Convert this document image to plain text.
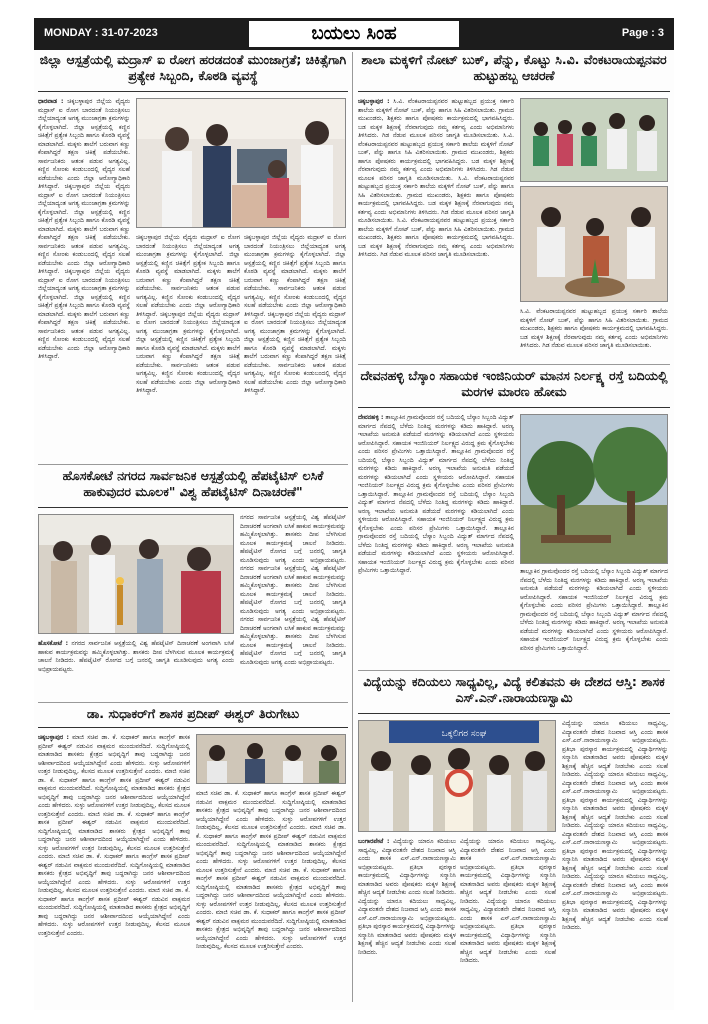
MONDAY : 31-07-2023	ಬಯಲು ಸಿಂಹ	Page : 3
ಜಿಲ್ಲಾ ಆಸ್ಪತ್ರೆಯಲ್ಲಿ ಮದ್ರಾಸ್ ಐ ರೋಗ ಹರಡದಂತೆ ಮುಂಜಾಗ್ರತೆ; ಚಿಕಿತ್ಸೆಗಾಗಿ ಪ್ರತ್ಯೇಕ ಸಿಬ್ಬಂದಿ, ಕೊಠಡಿ ವ್ಯವಸ್ಥೆ
ಧಾರವಾಡ : ಚಿಕ್ಕಬಳ್ಳಾಪುರ ಜಿಲ್ಲೆಯ ವೈದ್ಯರು ಮದ್ರಾಸ್ ಐ ರೋಗ ಬಾರದಂತೆ ನಿಯಂತ್ರಿಸಲು ಜಿಲ್ಲೆಯಾದ್ಯಂತ ಅಗತ್ಯ ಮುಂಜಾಗ್ರತಾ ಕ್ರಮಗಳನ್ನು ಕೈಗೊಳ್ಳಲಾಗಿದೆ. ಜಿಲ್ಲಾ ಆಸ್ಪತ್ರೆಯಲ್ಲಿ ಕಣ್ಣಿನ ಚಿಕಿತ್ಸೆಗೆ ಪ್ರತ್ಯೇಕ ಸಿಬ್ಬಂದಿ ಹಾಗೂ ಕೊಠಡಿ ವ್ಯವಸ್ಥೆ ಮಾಡಲಾಗಿದೆ. ಮಕ್ಕಳು ಶಾಲೆಗೆ ಬರುವಾಗ ಕಣ್ಣು ಕೆಂಪಾಗಿದ್ದರೆ ತಕ್ಷಣ ಚಿಕಿತ್ಸೆ ಪಡೆಯಬೇಕು. ಸಾರ್ವಜನಿಕರು ಆತಂಕ ಪಡುವ ಅಗತ್ಯವಿಲ್ಲ. ಕಣ್ಣಿನ ಸೋಂಕು ಕಂಡುಬಂದಲ್ಲಿ ವೈದ್ಯರ ಸಲಹೆ ಪಡೆಯಬೇಕು ಎಂದು ಜಿಲ್ಲಾ ಆರೋಗ್ಯಾಧಿಕಾರಿ ತಿಳಿಸಿದ್ದಾರೆ. ಚಿಕ್ಕಬಳ್ಳಾಪುರ ಜಿಲ್ಲೆಯ ವೈದ್ಯರು ಮದ್ರಾಸ್ ಐ ರೋಗ ಬಾರದಂತೆ ನಿಯಂತ್ರಿಸಲು ಜಿಲ್ಲೆಯಾದ್ಯಂತ ಅಗತ್ಯ ಮುಂಜಾಗ್ರತಾ ಕ್ರಮಗಳನ್ನು ಕೈಗೊಳ್ಳಲಾಗಿದೆ. ಜಿಲ್ಲಾ ಆಸ್ಪತ್ರೆಯಲ್ಲಿ ಕಣ್ಣಿನ ಚಿಕಿತ್ಸೆಗೆ ಪ್ರತ್ಯೇಕ ಸಿಬ್ಬಂದಿ ಹಾಗೂ ಕೊಠಡಿ ವ್ಯವಸ್ಥೆ ಮಾಡಲಾಗಿದೆ. ಮಕ್ಕಳು ಶಾಲೆಗೆ ಬರುವಾಗ ಕಣ್ಣು ಕೆಂಪಾಗಿದ್ದರೆ ತಕ್ಷಣ ಚಿಕಿತ್ಸೆ ಪಡೆಯಬೇಕು. ಸಾರ್ವಜನಿಕರು ಆತಂಕ ಪಡುವ ಅಗತ್ಯವಿಲ್ಲ. ಕಣ್ಣಿನ ಸೋಂಕು ಕಂಡುಬಂದಲ್ಲಿ ವೈದ್ಯರ ಸಲಹೆ ಪಡೆಯಬೇಕು ಎಂದು ಜಿಲ್ಲಾ ಆರೋಗ್ಯಾಧಿಕಾರಿ ತಿಳಿಸಿದ್ದಾರೆ. ಚಿಕ್ಕಬಳ್ಳಾಪುರ ಜಿಲ್ಲೆಯ ವೈದ್ಯರು ಮದ್ರಾಸ್ ಐ ರೋಗ ಬಾರದಂತೆ ನಿಯಂತ್ರಿಸಲು ಜಿಲ್ಲೆಯಾದ್ಯಂತ ಅಗತ್ಯ ಮುಂಜಾಗ್ರತಾ ಕ್ರಮಗಳನ್ನು ಕೈಗೊಳ್ಳಲಾಗಿದೆ. ಜಿಲ್ಲಾ ಆಸ್ಪತ್ರೆಯಲ್ಲಿ ಕಣ್ಣಿನ ಚಿಕಿತ್ಸೆಗೆ ಪ್ರತ್ಯೇಕ ಸಿಬ್ಬಂದಿ ಹಾಗೂ ಕೊಠಡಿ ವ್ಯವಸ್ಥೆ ಮಾಡಲಾಗಿದೆ. ಮಕ್ಕಳು ಶಾಲೆಗೆ ಬರುವಾಗ ಕಣ್ಣು ಕೆಂಪಾಗಿದ್ದರೆ ತಕ್ಷಣ ಚಿಕಿತ್ಸೆ ಪಡೆಯಬೇಕು. ಸಾರ್ವಜನಿಕರು ಆತಂಕ ಪಡುವ ಅಗತ್ಯವಿಲ್ಲ. ಕಣ್ಣಿನ ಸೋಂಕು ಕಂಡುಬಂದಲ್ಲಿ ವೈದ್ಯರ ಸಲಹೆ ಪಡೆಯಬೇಕು ಎಂದು ಜಿಲ್ಲಾ ಆರೋಗ್ಯಾಧಿಕಾರಿ ತಿಳಿಸಿದ್ದಾರೆ.
ಚಿಕ್ಕಬಳ್ಳಾಪುರ ಜಿಲ್ಲೆಯ ವೈದ್ಯರು ಮದ್ರಾಸ್ ಐ ರೋಗ ಬಾರದಂತೆ ನಿಯಂತ್ರಿಸಲು ಜಿಲ್ಲೆಯಾದ್ಯಂತ ಅಗತ್ಯ ಮುಂಜಾಗ್ರತಾ ಕ್ರಮಗಳನ್ನು ಕೈಗೊಳ್ಳಲಾಗಿದೆ. ಜಿಲ್ಲಾ ಆಸ್ಪತ್ರೆಯಲ್ಲಿ ಕಣ್ಣಿನ ಚಿಕಿತ್ಸೆಗೆ ಪ್ರತ್ಯೇಕ ಸಿಬ್ಬಂದಿ ಹಾಗೂ ಕೊಠಡಿ ವ್ಯವಸ್ಥೆ ಮಾಡಲಾಗಿದೆ. ಮಕ್ಕಳು ಶಾಲೆಗೆ ಬರುವಾಗ ಕಣ್ಣು ಕೆಂಪಾಗಿದ್ದರೆ ತಕ್ಷಣ ಚಿಕಿತ್ಸೆ ಪಡೆಯಬೇಕು. ಸಾರ್ವಜನಿಕರು ಆತಂಕ ಪಡುವ ಅಗತ್ಯವಿಲ್ಲ. ಕಣ್ಣಿನ ಸೋಂಕು ಕಂಡುಬಂದಲ್ಲಿ ವೈದ್ಯರ ಸಲಹೆ ಪಡೆಯಬೇಕು ಎಂದು ಜಿಲ್ಲಾ ಆರೋಗ್ಯಾಧಿಕಾರಿ ತಿಳಿಸಿದ್ದಾರೆ. ಚಿಕ್ಕಬಳ್ಳಾಪುರ ಜಿಲ್ಲೆಯ ವೈದ್ಯರು ಮದ್ರಾಸ್ ಐ ರೋಗ ಬಾರದಂತೆ ನಿಯಂತ್ರಿಸಲು ಜಿಲ್ಲೆಯಾದ್ಯಂತ ಅಗತ್ಯ ಮುಂಜಾಗ್ರತಾ ಕ್ರಮಗಳನ್ನು ಕೈಗೊಳ್ಳಲಾಗಿದೆ. ಜಿಲ್ಲಾ ಆಸ್ಪತ್ರೆಯಲ್ಲಿ ಕಣ್ಣಿನ ಚಿಕಿತ್ಸೆಗೆ ಪ್ರತ್ಯೇಕ ಸಿಬ್ಬಂದಿ ಹಾಗೂ ಕೊಠಡಿ ವ್ಯವಸ್ಥೆ ಮಾಡಲಾಗಿದೆ. ಮಕ್ಕಳು ಶಾಲೆಗೆ ಬರುವಾಗ ಕಣ್ಣು ಕೆಂಪಾಗಿದ್ದರೆ ತಕ್ಷಣ ಚಿಕಿತ್ಸೆ ಪಡೆಯಬೇಕು. ಸಾರ್ವಜನಿಕರು ಆತಂಕ ಪಡುವ ಅಗತ್ಯವಿಲ್ಲ. ಕಣ್ಣಿನ ಸೋಂಕು ಕಂಡುಬಂದಲ್ಲಿ ವೈದ್ಯರ ಸಲಹೆ ಪಡೆಯಬೇಕು ಎಂದು ಜಿಲ್ಲಾ ಆರೋಗ್ಯಾಧಿಕಾರಿ ತಿಳಿಸಿದ್ದಾರೆ.
ಚಿಕ್ಕಬಳ್ಳಾಪುರ ಜಿಲ್ಲೆಯ ವೈದ್ಯರು ಮದ್ರಾಸ್ ಐ ರೋಗ ಬಾರದಂತೆ ನಿಯಂತ್ರಿಸಲು ಜಿಲ್ಲೆಯಾದ್ಯಂತ ಅಗತ್ಯ ಮುಂಜಾಗ್ರತಾ ಕ್ರಮಗಳನ್ನು ಕೈಗೊಳ್ಳಲಾಗಿದೆ. ಜಿಲ್ಲಾ ಆಸ್ಪತ್ರೆಯಲ್ಲಿ ಕಣ್ಣಿನ ಚಿಕಿತ್ಸೆಗೆ ಪ್ರತ್ಯೇಕ ಸಿಬ್ಬಂದಿ ಹಾಗೂ ಕೊಠಡಿ ವ್ಯವಸ್ಥೆ ಮಾಡಲಾಗಿದೆ. ಮಕ್ಕಳು ಶಾಲೆಗೆ ಬರುವಾಗ ಕಣ್ಣು ಕೆಂಪಾಗಿದ್ದರೆ ತಕ್ಷಣ ಚಿಕಿತ್ಸೆ ಪಡೆಯಬೇಕು. ಸಾರ್ವಜನಿಕರು ಆತಂಕ ಪಡುವ ಅಗತ್ಯವಿಲ್ಲ. ಕಣ್ಣಿನ ಸೋಂಕು ಕಂಡುಬಂದಲ್ಲಿ ವೈದ್ಯರ ಸಲಹೆ ಪಡೆಯಬೇಕು ಎಂದು ಜಿಲ್ಲಾ ಆರೋಗ್ಯಾಧಿಕಾರಿ ತಿಳಿಸಿದ್ದಾರೆ. ಚಿಕ್ಕಬಳ್ಳಾಪುರ ಜಿಲ್ಲೆಯ ವೈದ್ಯರು ಮದ್ರಾಸ್ ಐ ರೋಗ ಬಾರದಂತೆ ನಿಯಂತ್ರಿಸಲು ಜಿಲ್ಲೆಯಾದ್ಯಂತ ಅಗತ್ಯ ಮುಂಜಾಗ್ರತಾ ಕ್ರಮಗಳನ್ನು ಕೈಗೊಳ್ಳಲಾಗಿದೆ. ಜಿಲ್ಲಾ ಆಸ್ಪತ್ರೆಯಲ್ಲಿ ಕಣ್ಣಿನ ಚಿಕಿತ್ಸೆಗೆ ಪ್ರತ್ಯೇಕ ಸಿಬ್ಬಂದಿ ಹಾಗೂ ಕೊಠಡಿ ವ್ಯವಸ್ಥೆ ಮಾಡಲಾಗಿದೆ. ಮಕ್ಕಳು ಶಾಲೆಗೆ ಬರುವಾಗ ಕಣ್ಣು ಕೆಂಪಾಗಿದ್ದರೆ ತಕ್ಷಣ ಚಿಕಿತ್ಸೆ ಪಡೆಯಬೇಕು. ಸಾರ್ವಜನಿಕರು ಆತಂಕ ಪಡುವ ಅಗತ್ಯವಿಲ್ಲ. ಕಣ್ಣಿನ ಸೋಂಕು ಕಂಡುಬಂದಲ್ಲಿ ವೈದ್ಯರ ಸಲಹೆ ಪಡೆಯಬೇಕು ಎಂದು ಜಿಲ್ಲಾ ಆರೋಗ್ಯಾಧಿಕಾರಿ ತಿಳಿಸಿದ್ದಾರೆ.
ಹೊಸಕೋಟೆ ನಗರದ ಸಾರ್ವಜನಿಕ ಆಸ್ಪತ್ರೆಯಲ್ಲಿ ಹೆಪಟೈಟಿಸ್ ಲಸಿಕೆ ಹಾಕುವುದರ ಮೂಲಕ" ವಿಶ್ವ ಹೆಪಟೈಟಿಸ್ ದಿನಾಚರಣೆ"
ನಗರದ ಸಾರ್ವಜನಿಕ ಆಸ್ಪತ್ರೆಯಲ್ಲಿ ವಿಶ್ವ ಹೆಪಟೈಟಿಸ್ ದಿನಾಚರಣೆ ಅಂಗವಾಗಿ ಲಸಿಕೆ ಹಾಕುವ ಕಾರ್ಯಕ್ರಮವನ್ನು ಹಮ್ಮಿಕೊಳ್ಳಲಾಗಿತ್ತು. ಶಾಸಕರು ದೀಪ ಬೆಳಗಿಸುವ ಮೂಲಕ ಕಾರ್ಯಕ್ರಮಕ್ಕೆ ಚಾಲನೆ ನೀಡಿದರು. ಹೆಪಟೈಟಿಸ್ ರೋಗದ ಬಗ್ಗೆ ಜನರಲ್ಲಿ ಜಾಗೃತಿ ಮೂಡಿಸುವುದು ಅಗತ್ಯ ಎಂದು ಅಭಿಪ್ರಾಯಪಟ್ಟರು. ನಗರದ ಸಾರ್ವಜನಿಕ ಆಸ್ಪತ್ರೆಯಲ್ಲಿ ವಿಶ್ವ ಹೆಪಟೈಟಿಸ್ ದಿನಾಚರಣೆ ಅಂಗವಾಗಿ ಲಸಿಕೆ ಹಾಕುವ ಕಾರ್ಯಕ್ರಮವನ್ನು ಹಮ್ಮಿಕೊಳ್ಳಲಾಗಿತ್ತು. ಶಾಸಕರು ದೀಪ ಬೆಳಗಿಸುವ ಮೂಲಕ ಕಾರ್ಯಕ್ರಮಕ್ಕೆ ಚಾಲನೆ ನೀಡಿದರು. ಹೆಪಟೈಟಿಸ್ ರೋಗದ ಬಗ್ಗೆ ಜನರಲ್ಲಿ ಜಾಗೃತಿ ಮೂಡಿಸುವುದು ಅಗತ್ಯ ಎಂದು ಅಭಿಪ್ರಾಯಪಟ್ಟರು. ನಗರದ ಸಾರ್ವಜನಿಕ ಆಸ್ಪತ್ರೆಯಲ್ಲಿ ವಿಶ್ವ ಹೆಪಟೈಟಿಸ್ ದಿನಾಚರಣೆ ಅಂಗವಾಗಿ ಲಸಿಕೆ ಹಾಕುವ ಕಾರ್ಯಕ್ರಮವನ್ನು ಹಮ್ಮಿಕೊಳ್ಳಲಾಗಿತ್ತು. ಶಾಸಕರು ದೀಪ ಬೆಳಗಿಸುವ ಮೂಲಕ ಕಾರ್ಯಕ್ರಮಕ್ಕೆ ಚಾಲನೆ ನೀಡಿದರು. ಹೆಪಟೈಟಿಸ್ ರೋಗದ ಬಗ್ಗೆ ಜನರಲ್ಲಿ ಜಾಗೃತಿ ಮೂಡಿಸುವುದು ಅಗತ್ಯ ಎಂದು ಅಭಿಪ್ರಾಯಪಟ್ಟರು.
ಹೊಸಕೋಟೆ : ನಗರದ ಸಾರ್ವಜನಿಕ ಆಸ್ಪತ್ರೆಯಲ್ಲಿ ವಿಶ್ವ ಹೆಪಟೈಟಿಸ್ ದಿನಾಚರಣೆ ಅಂಗವಾಗಿ ಲಸಿಕೆ ಹಾಕುವ ಕಾರ್ಯಕ್ರಮವನ್ನು ಹಮ್ಮಿಕೊಳ್ಳಲಾಗಿತ್ತು. ಶಾಸಕರು ದೀಪ ಬೆಳಗಿಸುವ ಮೂಲಕ ಕಾರ್ಯಕ್ರಮಕ್ಕೆ ಚಾಲನೆ ನೀಡಿದರು. ಹೆಪಟೈಟಿಸ್ ರೋಗದ ಬಗ್ಗೆ ಜನರಲ್ಲಿ ಜಾಗೃತಿ ಮೂಡಿಸುವುದು ಅಗತ್ಯ ಎಂದು ಅಭಿಪ್ರಾಯಪಟ್ಟರು.
ಡಾ. ಸುಧಾಕರ್‌ಗೆ ಶಾಸಕ ಪ್ರದೀಪ್ ಈಶ್ವರ್ ತಿರುಗೇಟು
ಚಿಕ್ಕಬಳ್ಳಾಪುರ : ಮಾಜಿ ಸಚಿವ ಡಾ. ಕೆ. ಸುಧಾಕರ್ ಹಾಗೂ ಕಾಂಗ್ರೆಸ್ ಶಾಸಕ ಪ್ರದೀಪ್ ಈಶ್ವರ್ ನಡುವಿನ ವಾಕ್ಸಮರ ಮುಂದುವರೆದಿದೆ. ಸುದ್ದಿಗೋಷ್ಠಿಯಲ್ಲಿ ಮಾತನಾಡಿದ ಶಾಸಕರು ಕ್ಷೇತ್ರದ ಅಭಿವೃದ್ಧಿಗೆ ತಾವು ಬದ್ಧರಾಗಿದ್ದು ಜನರ ಆಶೀರ್ವಾದದಿಂದ ಆಯ್ಕೆಯಾಗಿದ್ದೇನೆ ಎಂದು ಹೇಳಿದರು. ಸುಳ್ಳು ಆರೋಪಗಳಿಗೆ ಉತ್ತರ ನೀಡುವುದಿಲ್ಲ, ಕೆಲಸದ ಮೂಲಕ ಉತ್ತರಿಸುತ್ತೇನೆ ಎಂದರು. ಮಾಜಿ ಸಚಿವ ಡಾ. ಕೆ. ಸುಧಾಕರ್ ಹಾಗೂ ಕಾಂಗ್ರೆಸ್ ಶಾಸಕ ಪ್ರದೀಪ್ ಈಶ್ವರ್ ನಡುವಿನ ವಾಕ್ಸಮರ ಮುಂದುವರೆದಿದೆ. ಸುದ್ದಿಗೋಷ್ಠಿಯಲ್ಲಿ ಮಾತನಾಡಿದ ಶಾಸಕರು ಕ್ಷೇತ್ರದ ಅಭಿವೃದ್ಧಿಗೆ ತಾವು ಬದ್ಧರಾಗಿದ್ದು ಜನರ ಆಶೀರ್ವಾದದಿಂದ ಆಯ್ಕೆಯಾಗಿದ್ದೇನೆ ಎಂದು ಹೇಳಿದರು. ಸುಳ್ಳು ಆರೋಪಗಳಿಗೆ ಉತ್ತರ ನೀಡುವುದಿಲ್ಲ, ಕೆಲಸದ ಮೂಲಕ ಉತ್ತರಿಸುತ್ತೇನೆ ಎಂದರು. ಮಾಜಿ ಸಚಿವ ಡಾ. ಕೆ. ಸುಧಾಕರ್ ಹಾಗೂ ಕಾಂಗ್ರೆಸ್ ಶಾಸಕ ಪ್ರದೀಪ್ ಈಶ್ವರ್ ನಡುವಿನ ವಾಕ್ಸಮರ ಮುಂದುವರೆದಿದೆ. ಸುದ್ದಿಗೋಷ್ಠಿಯಲ್ಲಿ ಮಾತನಾಡಿದ ಶಾಸಕರು ಕ್ಷೇತ್ರದ ಅಭಿವೃದ್ಧಿಗೆ ತಾವು ಬದ್ಧರಾಗಿದ್ದು ಜನರ ಆಶೀರ್ವಾದದಿಂದ ಆಯ್ಕೆಯಾಗಿದ್ದೇನೆ ಎಂದು ಹೇಳಿದರು. ಸುಳ್ಳು ಆರೋಪಗಳಿಗೆ ಉತ್ತರ ನೀಡುವುದಿಲ್ಲ, ಕೆಲಸದ ಮೂಲಕ ಉತ್ತರಿಸುತ್ತೇನೆ ಎಂದರು. ಮಾಜಿ ಸಚಿವ ಡಾ. ಕೆ. ಸುಧಾಕರ್ ಹಾಗೂ ಕಾಂಗ್ರೆಸ್ ಶಾಸಕ ಪ್ರದೀಪ್ ಈಶ್ವರ್ ನಡುವಿನ ವಾಕ್ಸಮರ ಮುಂದುವರೆದಿದೆ. ಸುದ್ದಿಗೋಷ್ಠಿಯಲ್ಲಿ ಮಾತನಾಡಿದ ಶಾಸಕರು ಕ್ಷೇತ್ರದ ಅಭಿವೃದ್ಧಿಗೆ ತಾವು ಬದ್ಧರಾಗಿದ್ದು ಜನರ ಆಶೀರ್ವಾದದಿಂದ ಆಯ್ಕೆಯಾಗಿದ್ದೇನೆ ಎಂದು ಹೇಳಿದರು. ಸುಳ್ಳು ಆರೋಪಗಳಿಗೆ ಉತ್ತರ ನೀಡುವುದಿಲ್ಲ, ಕೆಲಸದ ಮೂಲಕ ಉತ್ತರಿಸುತ್ತೇನೆ ಎಂದರು. ಮಾಜಿ ಸಚಿವ ಡಾ. ಕೆ. ಸುಧಾಕರ್ ಹಾಗೂ ಕಾಂಗ್ರೆಸ್ ಶಾಸಕ ಪ್ರದೀಪ್ ಈಶ್ವರ್ ನಡುವಿನ ವಾಕ್ಸಮರ ಮುಂದುವರೆದಿದೆ. ಸುದ್ದಿಗೋಷ್ಠಿಯಲ್ಲಿ ಮಾತನಾಡಿದ ಶಾಸಕರು ಕ್ಷೇತ್ರದ ಅಭಿವೃದ್ಧಿಗೆ ತಾವು ಬದ್ಧರಾಗಿದ್ದು ಜನರ ಆಶೀರ್ವಾದದಿಂದ ಆಯ್ಕೆಯಾಗಿದ್ದೇನೆ ಎಂದು ಹೇಳಿದರು. ಸುಳ್ಳು ಆರೋಪಗಳಿಗೆ ಉತ್ತರ ನೀಡುವುದಿಲ್ಲ, ಕೆಲಸದ ಮೂಲಕ ಉತ್ತರಿಸುತ್ತೇನೆ ಎಂದರು.
ಮಾಜಿ ಸಚಿವ ಡಾ. ಕೆ. ಸುಧಾಕರ್ ಹಾಗೂ ಕಾಂಗ್ರೆಸ್ ಶಾಸಕ ಪ್ರದೀಪ್ ಈಶ್ವರ್ ನಡುವಿನ ವಾಕ್ಸಮರ ಮುಂದುವರೆದಿದೆ. ಸುದ್ದಿಗೋಷ್ಠಿಯಲ್ಲಿ ಮಾತನಾಡಿದ ಶಾಸಕರು ಕ್ಷೇತ್ರದ ಅಭಿವೃದ್ಧಿಗೆ ತಾವು ಬದ್ಧರಾಗಿದ್ದು ಜನರ ಆಶೀರ್ವಾದದಿಂದ ಆಯ್ಕೆಯಾಗಿದ್ದೇನೆ ಎಂದು ಹೇಳಿದರು. ಸುಳ್ಳು ಆರೋಪಗಳಿಗೆ ಉತ್ತರ ನೀಡುವುದಿಲ್ಲ, ಕೆಲಸದ ಮೂಲಕ ಉತ್ತರಿಸುತ್ತೇನೆ ಎಂದರು. ಮಾಜಿ ಸಚಿವ ಡಾ. ಕೆ. ಸುಧಾಕರ್ ಹಾಗೂ ಕಾಂಗ್ರೆಸ್ ಶಾಸಕ ಪ್ರದೀಪ್ ಈಶ್ವರ್ ನಡುವಿನ ವಾಕ್ಸಮರ ಮುಂದುವರೆದಿದೆ. ಸುದ್ದಿಗೋಷ್ಠಿಯಲ್ಲಿ ಮಾತನಾಡಿದ ಶಾಸಕರು ಕ್ಷೇತ್ರದ ಅಭಿವೃದ್ಧಿಗೆ ತಾವು ಬದ್ಧರಾಗಿದ್ದು ಜನರ ಆಶೀರ್ವಾದದಿಂದ ಆಯ್ಕೆಯಾಗಿದ್ದೇನೆ ಎಂದು ಹೇಳಿದರು. ಸುಳ್ಳು ಆರೋಪಗಳಿಗೆ ಉತ್ತರ ನೀಡುವುದಿಲ್ಲ, ಕೆಲಸದ ಮೂಲಕ ಉತ್ತರಿಸುತ್ತೇನೆ ಎಂದರು. ಮಾಜಿ ಸಚಿವ ಡಾ. ಕೆ. ಸುಧಾಕರ್ ಹಾಗೂ ಕಾಂಗ್ರೆಸ್ ಶಾಸಕ ಪ್ರದೀಪ್ ಈಶ್ವರ್ ನಡುವಿನ ವಾಕ್ಸಮರ ಮುಂದುವರೆದಿದೆ. ಸುದ್ದಿಗೋಷ್ಠಿಯಲ್ಲಿ ಮಾತನಾಡಿದ ಶಾಸಕರು ಕ್ಷೇತ್ರದ ಅಭಿವೃದ್ಧಿಗೆ ತಾವು ಬದ್ಧರಾಗಿದ್ದು ಜನರ ಆಶೀರ್ವಾದದಿಂದ ಆಯ್ಕೆಯಾಗಿದ್ದೇನೆ ಎಂದು ಹೇಳಿದರು. ಸುಳ್ಳು ಆರೋಪಗಳಿಗೆ ಉತ್ತರ ನೀಡುವುದಿಲ್ಲ, ಕೆಲಸದ ಮೂಲಕ ಉತ್ತರಿಸುತ್ತೇನೆ ಎಂದರು. ಮಾಜಿ ಸಚಿವ ಡಾ. ಕೆ. ಸುಧಾಕರ್ ಹಾಗೂ ಕಾಂಗ್ರೆಸ್ ಶಾಸಕ ಪ್ರದೀಪ್ ಈಶ್ವರ್ ನಡುವಿನ ವಾಕ್ಸಮರ ಮುಂದುವರೆದಿದೆ. ಸುದ್ದಿಗೋಷ್ಠಿಯಲ್ಲಿ ಮಾತನಾಡಿದ ಶಾಸಕರು ಕ್ಷೇತ್ರದ ಅಭಿವೃದ್ಧಿಗೆ ತಾವು ಬದ್ಧರಾಗಿದ್ದು ಜನರ ಆಶೀರ್ವಾದದಿಂದ ಆಯ್ಕೆಯಾಗಿದ್ದೇನೆ ಎಂದು ಹೇಳಿದರು. ಸುಳ್ಳು ಆರೋಪಗಳಿಗೆ ಉತ್ತರ ನೀಡುವುದಿಲ್ಲ, ಕೆಲಸದ ಮೂಲಕ ಉತ್ತರಿಸುತ್ತೇನೆ ಎಂದರು.
ಶಾಲಾ ಮಕ್ಕಳಿಗೆ ನೋಟ್ ಬುಕ್, ಪೆನ್ನು, ಕೊಟ್ಟು ಸಿ.ವಿ. ವೆಂಕಟರಾಯಪ್ಪನವರ ಹುಟ್ಟುಹಬ್ಬ ಆಚರಣೆ
ಚಿಕ್ಕಬಳ್ಳಾಪುರ : ಸಿ.ವಿ. ವೆಂಕಟರಾಯಪ್ಪನವರ ಹುಟ್ಟುಹಬ್ಬದ ಪ್ರಯುಕ್ತ ಸರ್ಕಾರಿ ಶಾಲೆಯ ಮಕ್ಕಳಿಗೆ ನೋಟ್ ಬುಕ್, ಪೆನ್ನು ಹಾಗೂ ಸಿಹಿ ವಿತರಿಸಲಾಯಿತು. ಗ್ರಾಮದ ಮುಖಂಡರು, ಶಿಕ್ಷಕರು ಹಾಗೂ ಪೋಷಕರು ಕಾರ್ಯಕ್ರಮದಲ್ಲಿ ಭಾಗವಹಿಸಿದ್ದರು. ಬಡ ಮಕ್ಕಳ ಶಿಕ್ಷಣಕ್ಕೆ ನೆರವಾಗುವುದು ನಮ್ಮ ಕರ್ತವ್ಯ ಎಂದು ಅಭಿಮಾನಿಗಳು ತಿಳಿಸಿದರು. ಗಿಡ ನೆಡುವ ಮೂಲಕ ಪರಿಸರ ಜಾಗೃತಿ ಮೂಡಿಸಲಾಯಿತು. ಸಿ.ವಿ. ವೆಂಕಟರಾಯಪ್ಪನವರ ಹುಟ್ಟುಹಬ್ಬದ ಪ್ರಯುಕ್ತ ಸರ್ಕಾರಿ ಶಾಲೆಯ ಮಕ್ಕಳಿಗೆ ನೋಟ್ ಬುಕ್, ಪೆನ್ನು ಹಾಗೂ ಸಿಹಿ ವಿತರಿಸಲಾಯಿತು. ಗ್ರಾಮದ ಮುಖಂಡರು, ಶಿಕ್ಷಕರು ಹಾಗೂ ಪೋಷಕರು ಕಾರ್ಯಕ್ರಮದಲ್ಲಿ ಭಾಗವಹಿಸಿದ್ದರು. ಬಡ ಮಕ್ಕಳ ಶಿಕ್ಷಣಕ್ಕೆ ನೆರವಾಗುವುದು ನಮ್ಮ ಕರ್ತವ್ಯ ಎಂದು ಅಭಿಮಾನಿಗಳು ತಿಳಿಸಿದರು. ಗಿಡ ನೆಡುವ ಮೂಲಕ ಪರಿಸರ ಜಾಗೃತಿ ಮೂಡಿಸಲಾಯಿತು. ಸಿ.ವಿ. ವೆಂಕಟರಾಯಪ್ಪನವರ ಹುಟ್ಟುಹಬ್ಬದ ಪ್ರಯುಕ್ತ ಸರ್ಕಾರಿ ಶಾಲೆಯ ಮಕ್ಕಳಿಗೆ ನೋಟ್ ಬುಕ್, ಪೆನ್ನು ಹಾಗೂ ಸಿಹಿ ವಿತರಿಸಲಾಯಿತು. ಗ್ರಾಮದ ಮುಖಂಡರು, ಶಿಕ್ಷಕರು ಹಾಗೂ ಪೋಷಕರು ಕಾರ್ಯಕ್ರಮದಲ್ಲಿ ಭಾಗವಹಿಸಿದ್ದರು. ಬಡ ಮಕ್ಕಳ ಶಿಕ್ಷಣಕ್ಕೆ ನೆರವಾಗುವುದು ನಮ್ಮ ಕರ್ತವ್ಯ ಎಂದು ಅಭಿಮಾನಿಗಳು ತಿಳಿಸಿದರು. ಗಿಡ ನೆಡುವ ಮೂಲಕ ಪರಿಸರ ಜಾಗೃತಿ ಮೂಡಿಸಲಾಯಿತು. ಸಿ.ವಿ. ವೆಂಕಟರಾಯಪ್ಪನವರ ಹುಟ್ಟುಹಬ್ಬದ ಪ್ರಯುಕ್ತ ಸರ್ಕಾರಿ ಶಾಲೆಯ ಮಕ್ಕಳಿಗೆ ನೋಟ್ ಬುಕ್, ಪೆನ್ನು ಹಾಗೂ ಸಿಹಿ ವಿತರಿಸಲಾಯಿತು. ಗ್ರಾಮದ ಮುಖಂಡರು, ಶಿಕ್ಷಕರು ಹಾಗೂ ಪೋಷಕರು ಕಾರ್ಯಕ್ರಮದಲ್ಲಿ ಭಾಗವಹಿಸಿದ್ದರು. ಬಡ ಮಕ್ಕಳ ಶಿಕ್ಷಣಕ್ಕೆ ನೆರವಾಗುವುದು ನಮ್ಮ ಕರ್ತವ್ಯ ಎಂದು ಅಭಿಮಾನಿಗಳು ತಿಳಿಸಿದರು. ಗಿಡ ನೆಡುವ ಮೂಲಕ ಪರಿಸರ ಜಾಗೃತಿ ಮೂಡಿಸಲಾಯಿತು.
ಸಿ.ವಿ. ವೆಂಕಟರಾಯಪ್ಪನವರ ಹುಟ್ಟುಹಬ್ಬದ ಪ್ರಯುಕ್ತ ಸರ್ಕಾರಿ ಶಾಲೆಯ ಮಕ್ಕಳಿಗೆ ನೋಟ್ ಬುಕ್, ಪೆನ್ನು ಹಾಗೂ ಸಿಹಿ ವಿತರಿಸಲಾಯಿತು. ಗ್ರಾಮದ ಮುಖಂಡರು, ಶಿಕ್ಷಕರು ಹಾಗೂ ಪೋಷಕರು ಕಾರ್ಯಕ್ರಮದಲ್ಲಿ ಭಾಗವಹಿಸಿದ್ದರು. ಬಡ ಮಕ್ಕಳ ಶಿಕ್ಷಣಕ್ಕೆ ನೆರವಾಗುವುದು ನಮ್ಮ ಕರ್ತವ್ಯ ಎಂದು ಅಭಿಮಾನಿಗಳು ತಿಳಿಸಿದರು. ಗಿಡ ನೆಡುವ ಮೂಲಕ ಪರಿಸರ ಜಾಗೃತಿ ಮೂಡಿಸಲಾಯಿತು.
ದೇವನಹಳ್ಳಿ ಬೆಸ್ಕಾಂ ಸಹಾಯಕ ಇಂಜಿನಿಯರ್ ಮಾನಸ ನಿರ್ಲಕ್ಷ್ಯ ರಸ್ತೆ ಬದಿಯಲ್ಲಿ ಮರಗಳ ಮಾರಣ ಹೋಮ
ದೇವನಹಳ್ಳಿ : ತಾಲ್ಲೂಕಿನ ಗ್ರಾಮವೊಂದರ ರಸ್ತೆ ಬದಿಯಲ್ಲಿ ಬೆಸ್ಕಾಂ ಸಿಬ್ಬಂದಿ ವಿದ್ಯುತ್ ಮಾರ್ಗದ ನೆಪದಲ್ಲಿ ಬೆಳೆದು ನಿಂತಿದ್ದ ಮರಗಳನ್ನು ಕಡಿದು ಹಾಕಿದ್ದಾರೆ. ಅರಣ್ಯ ಇಲಾಖೆಯ ಅನುಮತಿ ಪಡೆಯದೆ ಮರಗಳನ್ನು ಕಡಿಯಲಾಗಿದೆ ಎಂದು ಸ್ಥಳೀಯರು ಆರೋಪಿಸಿದ್ದಾರೆ. ಸಹಾಯಕ ಇಂಜಿನಿಯರ್ ನಿರ್ಲಕ್ಷ್ಯದ ವಿರುದ್ಧ ಕ್ರಮ ಕೈಗೊಳ್ಳಬೇಕು ಎಂದು ಪರಿಸರ ಪ್ರೇಮಿಗಳು ಒತ್ತಾಯಿಸಿದ್ದಾರೆ. ತಾಲ್ಲೂಕಿನ ಗ್ರಾಮವೊಂದರ ರಸ್ತೆ ಬದಿಯಲ್ಲಿ ಬೆಸ್ಕಾಂ ಸಿಬ್ಬಂದಿ ವಿದ್ಯುತ್ ಮಾರ್ಗದ ನೆಪದಲ್ಲಿ ಬೆಳೆದು ನಿಂತಿದ್ದ ಮರಗಳನ್ನು ಕಡಿದು ಹಾಕಿದ್ದಾರೆ. ಅರಣ್ಯ ಇಲಾಖೆಯ ಅನುಮತಿ ಪಡೆಯದೆ ಮರಗಳನ್ನು ಕಡಿಯಲಾಗಿದೆ ಎಂದು ಸ್ಥಳೀಯರು ಆರೋಪಿಸಿದ್ದಾರೆ. ಸಹಾಯಕ ಇಂಜಿನಿಯರ್ ನಿರ್ಲಕ್ಷ್ಯದ ವಿರುದ್ಧ ಕ್ರಮ ಕೈಗೊಳ್ಳಬೇಕು ಎಂದು ಪರಿಸರ ಪ್ರೇಮಿಗಳು ಒತ್ತಾಯಿಸಿದ್ದಾರೆ. ತಾಲ್ಲೂಕಿನ ಗ್ರಾಮವೊಂದರ ರಸ್ತೆ ಬದಿಯಲ್ಲಿ ಬೆಸ್ಕಾಂ ಸಿಬ್ಬಂದಿ ವಿದ್ಯುತ್ ಮಾರ್ಗದ ನೆಪದಲ್ಲಿ ಬೆಳೆದು ನಿಂತಿದ್ದ ಮರಗಳನ್ನು ಕಡಿದು ಹಾಕಿದ್ದಾರೆ. ಅರಣ್ಯ ಇಲಾಖೆಯ ಅನುಮತಿ ಪಡೆಯದೆ ಮರಗಳನ್ನು ಕಡಿಯಲಾಗಿದೆ ಎಂದು ಸ್ಥಳೀಯರು ಆರೋಪಿಸಿದ್ದಾರೆ. ಸಹಾಯಕ ಇಂಜಿನಿಯರ್ ನಿರ್ಲಕ್ಷ್ಯದ ವಿರುದ್ಧ ಕ್ರಮ ಕೈಗೊಳ್ಳಬೇಕು ಎಂದು ಪರಿಸರ ಪ್ರೇಮಿಗಳು ಒತ್ತಾಯಿಸಿದ್ದಾರೆ. ತಾಲ್ಲೂಕಿನ ಗ್ರಾಮವೊಂದರ ರಸ್ತೆ ಬದಿಯಲ್ಲಿ ಬೆಸ್ಕಾಂ ಸಿಬ್ಬಂದಿ ವಿದ್ಯುತ್ ಮಾರ್ಗದ ನೆಪದಲ್ಲಿ ಬೆಳೆದು ನಿಂತಿದ್ದ ಮರಗಳನ್ನು ಕಡಿದು ಹಾಕಿದ್ದಾರೆ. ಅರಣ್ಯ ಇಲಾಖೆಯ ಅನುಮತಿ ಪಡೆಯದೆ ಮರಗಳನ್ನು ಕಡಿಯಲಾಗಿದೆ ಎಂದು ಸ್ಥಳೀಯರು ಆರೋಪಿಸಿದ್ದಾರೆ. ಸಹಾಯಕ ಇಂಜಿನಿಯರ್ ನಿರ್ಲಕ್ಷ್ಯದ ವಿರುದ್ಧ ಕ್ರಮ ಕೈಗೊಳ್ಳಬೇಕು ಎಂದು ಪರಿಸರ ಪ್ರೇಮಿಗಳು ಒತ್ತಾಯಿಸಿದ್ದಾರೆ.	ತಾಲ್ಲೂಕಿನ ಗ್ರಾಮವೊಂದರ ರಸ್ತೆ ಬದಿಯಲ್ಲಿ ಬೆಸ್ಕಾಂ ಸಿಬ್ಬಂದಿ ವಿದ್ಯುತ್ ಮಾರ್ಗದ ನೆಪದಲ್ಲಿ ಬೆಳೆದು ನಿಂತಿದ್ದ ಮರಗಳನ್ನು ಕಡಿದು ಹಾಕಿದ್ದಾರೆ. ಅರಣ್ಯ ಇಲಾಖೆಯ ಅನುಮತಿ ಪಡೆಯದೆ ಮರಗಳನ್ನು ಕಡಿಯಲಾಗಿದೆ ಎಂದು ಸ್ಥಳೀಯರು ಆರೋಪಿಸಿದ್ದಾರೆ. ಸಹಾಯಕ ಇಂಜಿನಿಯರ್ ನಿರ್ಲಕ್ಷ್ಯದ ವಿರುದ್ಧ ಕ್ರಮ ಕೈಗೊಳ್ಳಬೇಕು ಎಂದು ಪರಿಸರ ಪ್ರೇಮಿಗಳು ಒತ್ತಾಯಿಸಿದ್ದಾರೆ. ತಾಲ್ಲೂಕಿನ ಗ್ರಾಮವೊಂದರ ರಸ್ತೆ ಬದಿಯಲ್ಲಿ ಬೆಸ್ಕಾಂ ಸಿಬ್ಬಂದಿ ವಿದ್ಯುತ್ ಮಾರ್ಗದ ನೆಪದಲ್ಲಿ ಬೆಳೆದು ನಿಂತಿದ್ದ ಮರಗಳನ್ನು ಕಡಿದು ಹಾಕಿದ್ದಾರೆ. ಅರಣ್ಯ ಇಲಾಖೆಯ ಅನುಮತಿ ಪಡೆಯದೆ ಮರಗಳನ್ನು ಕಡಿಯಲಾಗಿದೆ ಎಂದು ಸ್ಥಳೀಯರು ಆರೋಪಿಸಿದ್ದಾರೆ. ಸಹಾಯಕ ಇಂಜಿನಿಯರ್ ನಿರ್ಲಕ್ಷ್ಯದ ವಿರುದ್ಧ ಕ್ರಮ ಕೈಗೊಳ್ಳಬೇಕು ಎಂದು ಪರಿಸರ ಪ್ರೇಮಿಗಳು ಒತ್ತಾಯಿಸಿದ್ದಾರೆ.
ವಿದ್ಯೆಯನ್ನು ಕದಿಯಲು ಸಾಧ್ಯವಿಲ್ಲ, ವಿದ್ಯೆ ಕಲಿತವನು ಈ ದೇಶದ ಆಸ್ತಿ: ಶಾಸಕ ಎಸ್.ಎನ್.ನಾರಾಯಣಸ್ವಾಮಿ
ಒಕ್ಕಲಿಗರ ಸಂಘ
ಬಂಗಾರಪೇಟೆ : ವಿದ್ಯೆಯನ್ನು ಯಾರೂ ಕದಿಯಲು ಸಾಧ್ಯವಿಲ್ಲ, ವಿದ್ಯಾವಂತನೇ ದೇಶದ ನಿಜವಾದ ಆಸ್ತಿ ಎಂದು ಶಾಸಕ ಎಸ್.ಎನ್.ನಾರಾಯಣಸ್ವಾಮಿ ಅಭಿಪ್ರಾಯಪಟ್ಟರು. ಪ್ರತಿಭಾ ಪುರಸ್ಕಾರ ಕಾರ್ಯಕ್ರಮದಲ್ಲಿ ವಿದ್ಯಾರ್ಥಿಗಳನ್ನು ಸನ್ಮಾನಿಸಿ ಮಾತನಾಡಿದ ಅವರು ಪೋಷಕರು ಮಕ್ಕಳ ಶಿಕ್ಷಣಕ್ಕೆ ಹೆಚ್ಚಿನ ಆದ್ಯತೆ ನೀಡಬೇಕು ಎಂದು ಸಲಹೆ ನೀಡಿದರು. ವಿದ್ಯೆಯನ್ನು ಯಾರೂ ಕದಿಯಲು ಸಾಧ್ಯವಿಲ್ಲ, ವಿದ್ಯಾವಂತನೇ ದೇಶದ ನಿಜವಾದ ಆಸ್ತಿ ಎಂದು ಶಾಸಕ ಎಸ್.ಎನ್.ನಾರಾಯಣಸ್ವಾಮಿ ಅಭಿಪ್ರಾಯಪಟ್ಟರು. ಪ್ರತಿಭಾ ಪುರಸ್ಕಾರ ಕಾರ್ಯಕ್ರಮದಲ್ಲಿ ವಿದ್ಯಾರ್ಥಿಗಳನ್ನು ಸನ್ಮಾನಿಸಿ ಮಾತನಾಡಿದ ಅವರು ಪೋಷಕರು ಮಕ್ಕಳ ಶಿಕ್ಷಣಕ್ಕೆ ಹೆಚ್ಚಿನ ಆದ್ಯತೆ ನೀಡಬೇಕು ಎಂದು ಸಲಹೆ ನೀಡಿದರು.
ವಿದ್ಯೆಯನ್ನು ಯಾರೂ ಕದಿಯಲು ಸಾಧ್ಯವಿಲ್ಲ, ವಿದ್ಯಾವಂತನೇ ದೇಶದ ನಿಜವಾದ ಆಸ್ತಿ ಎಂದು ಶಾಸಕ ಎಸ್.ಎನ್.ನಾರಾಯಣಸ್ವಾಮಿ ಅಭಿಪ್ರಾಯಪಟ್ಟರು. ಪ್ರತಿಭಾ ಪುರಸ್ಕಾರ ಕಾರ್ಯಕ್ರಮದಲ್ಲಿ ವಿದ್ಯಾರ್ಥಿಗಳನ್ನು ಸನ್ಮಾನಿಸಿ ಮಾತನಾಡಿದ ಅವರು ಪೋಷಕರು ಮಕ್ಕಳ ಶಿಕ್ಷಣಕ್ಕೆ ಹೆಚ್ಚಿನ ಆದ್ಯತೆ ನೀಡಬೇಕು ಎಂದು ಸಲಹೆ ನೀಡಿದರು. ವಿದ್ಯೆಯನ್ನು ಯಾರೂ ಕದಿಯಲು ಸಾಧ್ಯವಿಲ್ಲ, ವಿದ್ಯಾವಂತನೇ ದೇಶದ ನಿಜವಾದ ಆಸ್ತಿ ಎಂದು ಶಾಸಕ ಎಸ್.ಎನ್.ನಾರಾಯಣಸ್ವಾಮಿ ಅಭಿಪ್ರಾಯಪಟ್ಟರು. ಪ್ರತಿಭಾ ಪುರಸ್ಕಾರ ಕಾರ್ಯಕ್ರಮದಲ್ಲಿ ವಿದ್ಯಾರ್ಥಿಗಳನ್ನು ಸನ್ಮಾನಿಸಿ ಮಾತನಾಡಿದ ಅವರು ಪೋಷಕರು ಮಕ್ಕಳ ಶಿಕ್ಷಣಕ್ಕೆ ಹೆಚ್ಚಿನ ಆದ್ಯತೆ ನೀಡಬೇಕು ಎಂದು ಸಲಹೆ ನೀಡಿದರು.
ವಿದ್ಯೆಯನ್ನು ಯಾರೂ ಕದಿಯಲು ಸಾಧ್ಯವಿಲ್ಲ, ವಿದ್ಯಾವಂತನೇ ದೇಶದ ನಿಜವಾದ ಆಸ್ತಿ ಎಂದು ಶಾಸಕ ಎಸ್.ಎನ್.ನಾರಾಯಣಸ್ವಾಮಿ ಅಭಿಪ್ರಾಯಪಟ್ಟರು. ಪ್ರತಿಭಾ ಪುರಸ್ಕಾರ ಕಾರ್ಯಕ್ರಮದಲ್ಲಿ ವಿದ್ಯಾರ್ಥಿಗಳನ್ನು ಸನ್ಮಾನಿಸಿ ಮಾತನಾಡಿದ ಅವರು ಪೋಷಕರು ಮಕ್ಕಳ ಶಿಕ್ಷಣಕ್ಕೆ ಹೆಚ್ಚಿನ ಆದ್ಯತೆ ನೀಡಬೇಕು ಎಂದು ಸಲಹೆ ನೀಡಿದರು. ವಿದ್ಯೆಯನ್ನು ಯಾರೂ ಕದಿಯಲು ಸಾಧ್ಯವಿಲ್ಲ, ವಿದ್ಯಾವಂತನೇ ದೇಶದ ನಿಜವಾದ ಆಸ್ತಿ ಎಂದು ಶಾಸಕ ಎಸ್.ಎನ್.ನಾರಾಯಣಸ್ವಾಮಿ ಅಭಿಪ್ರಾಯಪಟ್ಟರು. ಪ್ರತಿಭಾ ಪುರಸ್ಕಾರ ಕಾರ್ಯಕ್ರಮದಲ್ಲಿ ವಿದ್ಯಾರ್ಥಿಗಳನ್ನು ಸನ್ಮಾನಿಸಿ ಮಾತನಾಡಿದ ಅವರು ಪೋಷಕರು ಮಕ್ಕಳ ಶಿಕ್ಷಣಕ್ಕೆ ಹೆಚ್ಚಿನ ಆದ್ಯತೆ ನೀಡಬೇಕು ಎಂದು ಸಲಹೆ ನೀಡಿದರು. ವಿದ್ಯೆಯನ್ನು ಯಾರೂ ಕದಿಯಲು ಸಾಧ್ಯವಿಲ್ಲ, ವಿದ್ಯಾವಂತನೇ ದೇಶದ ನಿಜವಾದ ಆಸ್ತಿ ಎಂದು ಶಾಸಕ ಎಸ್.ಎನ್.ನಾರಾಯಣಸ್ವಾಮಿ ಅಭಿಪ್ರಾಯಪಟ್ಟರು. ಪ್ರತಿಭಾ ಪುರಸ್ಕಾರ ಕಾರ್ಯಕ್ರಮದಲ್ಲಿ ವಿದ್ಯಾರ್ಥಿಗಳನ್ನು ಸನ್ಮಾನಿಸಿ ಮಾತನಾಡಿದ ಅವರು ಪೋಷಕರು ಮಕ್ಕಳ ಶಿಕ್ಷಣಕ್ಕೆ ಹೆಚ್ಚಿನ ಆದ್ಯತೆ ನೀಡಬೇಕು ಎಂದು ಸಲಹೆ ನೀಡಿದರು. ವಿದ್ಯೆಯನ್ನು ಯಾರೂ ಕದಿಯಲು ಸಾಧ್ಯವಿಲ್ಲ, ವಿದ್ಯಾವಂತನೇ ದೇಶದ ನಿಜವಾದ ಆಸ್ತಿ ಎಂದು ಶಾಸಕ ಎಸ್.ಎನ್.ನಾರಾಯಣಸ್ವಾಮಿ ಅಭಿಪ್ರಾಯಪಟ್ಟರು. ಪ್ರತಿಭಾ ಪುರಸ್ಕಾರ ಕಾರ್ಯಕ್ರಮದಲ್ಲಿ ವಿದ್ಯಾರ್ಥಿಗಳನ್ನು ಸನ್ಮಾನಿಸಿ ಮಾತನಾಡಿದ ಅವರು ಪೋಷಕರು ಮಕ್ಕಳ ಶಿಕ್ಷಣಕ್ಕೆ ಹೆಚ್ಚಿನ ಆದ್ಯತೆ ನೀಡಬೇಕು ಎಂದು ಸಲಹೆ ನೀಡಿದರು.
